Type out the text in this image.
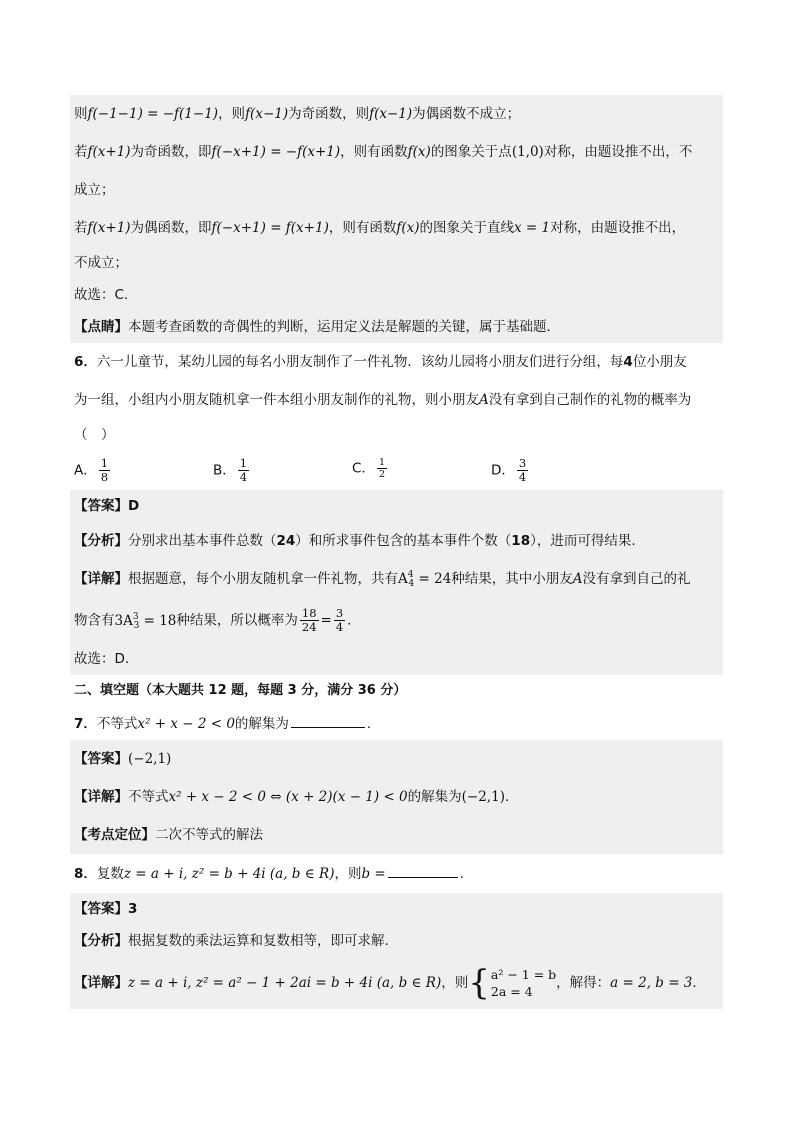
则f(−1−1) = −f(1−1)，则f(x−1)为奇函数，则f(x−1)为偶函数不成立；
若f(x+1)为奇函数，即f(−x+1) = −f(x+1)，则有函数f(x)的图象关于点(1,0)对称，由题设推不出，不
成立；
若f(x+1)为偶函数，即f(−x+1) = f(x+1)，则有函数f(x)的图象关于直线x = 1对称，由题设推不出，
不成立；
故选：C.
【点睛】本题考查函数的奇偶性的判断，运用定义法是解题的关键，属于基础题．
6．六一儿童节，某幼儿园的每名小朋友制作了一件礼物．该幼儿园将小朋友们进行分组，每4位小朋友
为一组，小组内小朋友随机拿一件本组小朋友制作的礼物，则小朋友A没有拿到自己制作的礼物的概率为
（　）
A． $\frac{1}{8}$	B． $\frac{1}{4}$	C． $\frac{1}{2}$	D． $\frac{3}{4}$
【答案】D
【分析】分别求出基本事件总数（24）和所求事件包含的基本事件个数（18），进而可得结果.
【详解】根据题意，每个小朋友随机拿一件礼物，共有$A^4_4 = 24$种结果，其中小朋友A没有拿到自己的礼
物含有$3A^3_3 = 18$种结果，所以概率为 $\frac{18}{24} = \frac{3}{4}$ .
故选：D.
二、填空题（本大题共 12 题，每题 3 分，满分 36 分）
7．不等式x² + x − 2 < 0的解集为	.
【答案】(−2,1)
【详解】不等式x² + x − 2 < 0 ⇔ (x + 2)(x − 1) < 0的解集为(−2,1).
【考点定位】二次不等式的解法
8．复数z = a + i, z² = b + 4i (a, b ∈ R)，则b =	.
【答案】3
【分析】根据复数的乘法运算和复数相等，即可求解.
【详解】z = a + i, z² = a² − 1 + 2ai = b + 4i (a, b ∈ R)，则{ a² − 1 = b
2a = 4
，解得：a = 2, b = 3.
